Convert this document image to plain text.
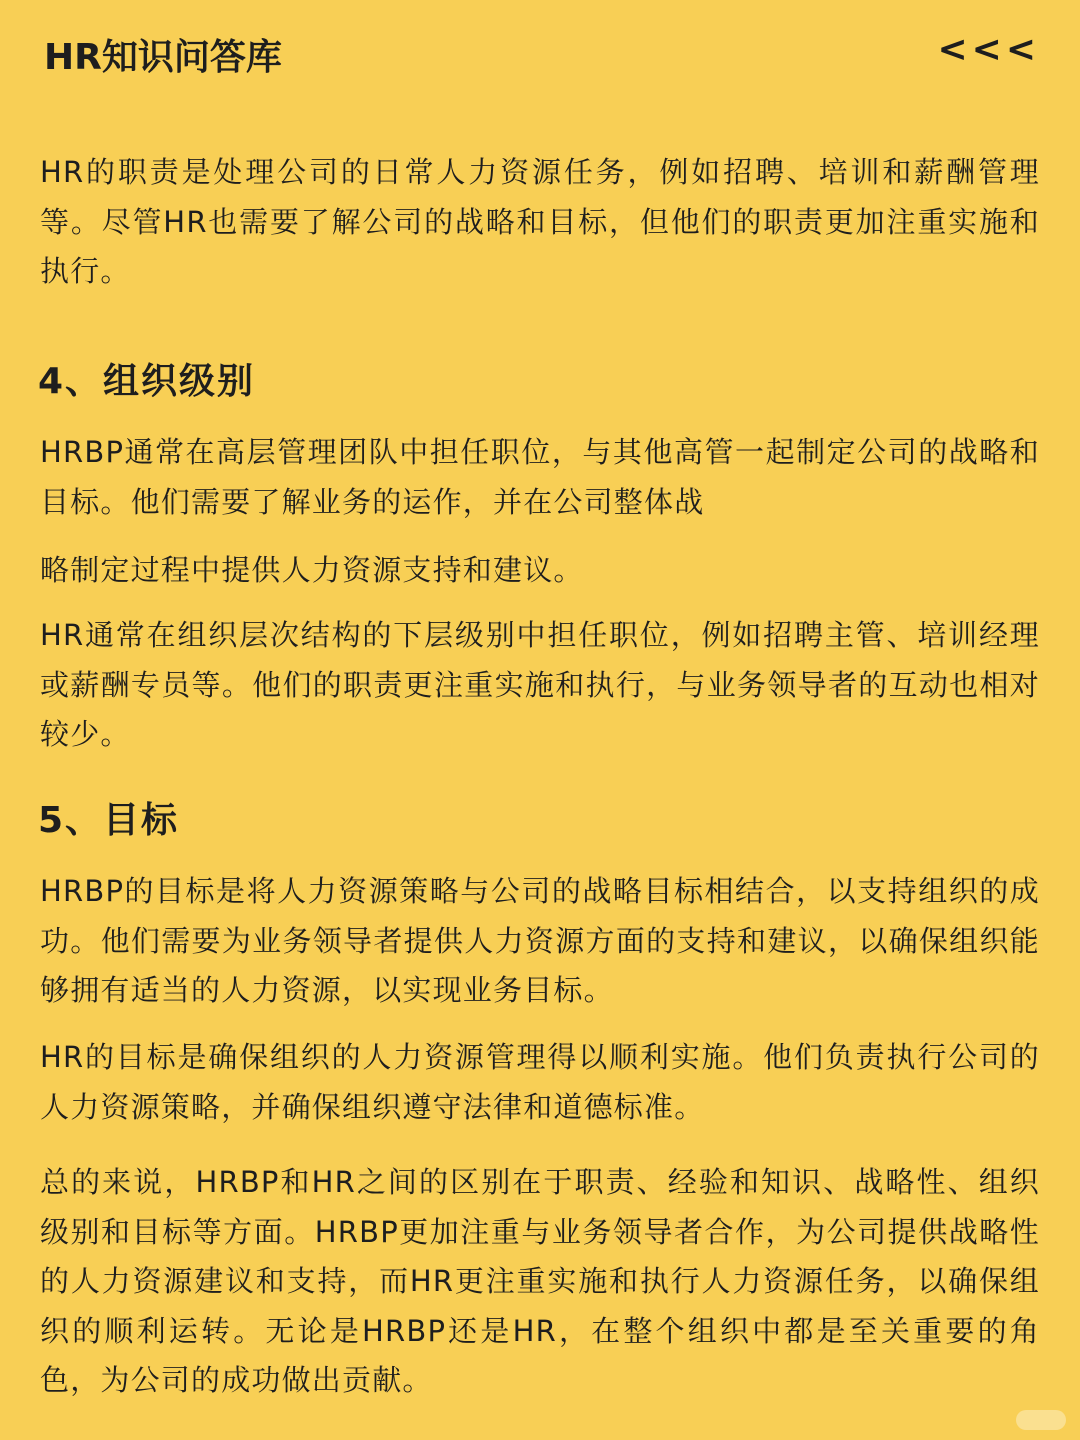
HR知识问答库	<<<

HR的职责是处理公司的日常人力资源任务，例如招聘、培训和薪酬管理等。尽管HR也需要了解公司的战略和目标，但他们的职责更加注重实施和执行。

4、组织级别

HRBP通常在高层管理团队中担任职位，与其他高管一起制定公司的战略和目标。他们需要了解业务的运作，并在公司整体战

略制定过程中提供人力资源支持和建议。

HR通常在组织层次结构的下层级别中担任职位，例如招聘主管、培训经理或薪酬专员等。他们的职责更注重实施和执行，与业务领导者的互动也相对较少。

5、目标

HRBP的目标是将人力资源策略与公司的战略目标相结合，以支持组织的成功。他们需要为业务领导者提供人力资源方面的支持和建议，以确保组织能够拥有适当的人力资源，以实现业务目标。

HR的目标是确保组织的人力资源管理得以顺利实施。他们负责执行公司的人力资源策略，并确保组织遵守法律和道德标准。

总的来说，HRBP和HR之间的区别在于职责、经验和知识、战略性、组织级别和目标等方面。HRBP更加注重与业务领导者合作，为公司提供战略性的人力资源建议和支持，而HR更注重实施和执行人力资源任务，以确保组织的顺利运转。无论是HRBP还是HR，在整个组织中都是至关重要的角色，为公司的成功做出贡献。
